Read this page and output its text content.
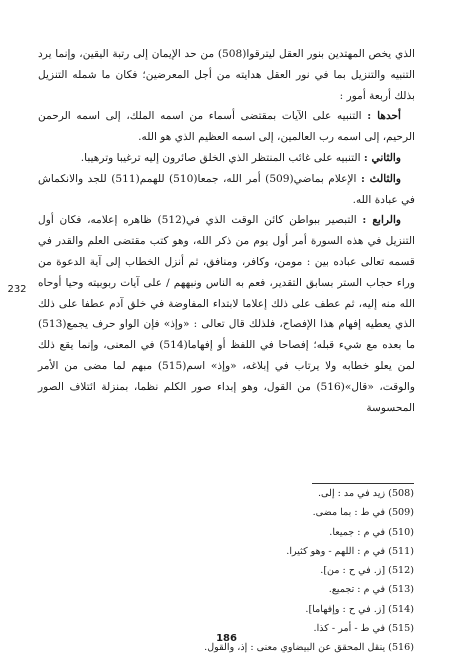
الذي يخص المهتدين بنور العقل ليترقوا(508) من حد الإيمان إلى رتبة اليقين، وإنما يرد التنبيه والتنزيل بما في نور العقل هدايته من أجل المعرضين؛ فكان ما شمله التنزيل بذلك أربعة أمور :

أحدها : التنبيه على الآيات بمقتضى أسماء من اسمه الملك، إلى اسمه الرحمن الرحيم، إلى اسمه رب العالمين، إلى اسمه العظيم الذي هو الله.

والثاني : التنبيه على غائب المنتظر الذي الخلق صائرون إليه ترغيبا وترهيبا.

والثالث : الإعلام بماضي(509) أمر الله، جمعا(510) للهمم(511) للجد والانكماش في عبادة الله.

والرابع : التبصير ببواطن كائن الوقت الذي في(512) ظاهره إعلامه، فكان أول التنزيل في هذه السورة أمر أول يوم من ذكر الله، وهو كتب مقتضى العلم والقدر في قسمه تعالى عباده بين : مومن، وكافر، ومنافق، ثم أنزل الخطاب إلى آية الدعوة من وراء حجاب الستر بسابق التقدير، فعم به الناس ونبههم / على آيات ربوبيته وحيا أوحاه الله منه إليه، ثم عطف على ذلك إعلاما لابتداء المفاوضة في خلق آدم عطفا على ذلك الذي يعطيه إفهام هذا الإفصاح، فلذلك قال تعالى : «وإذ» فإن الواو حرف يجمع(513) ما بعده مع شيء قبله؛ إفصاحا في اللفظ أو إفهاما(514) في المعنى، وإنما يقع ذلك لمن يعلو خطابه ولا يرتاب في إبلاغه، «وإذ» اسم(515) مبهم لما مضى من الأمر والوقت، «قال»(516) من القول، وهو إبداء صور الكلم نظما، بمنزلة ائتلاف الصور المحسوسة

232
(508) زيد في مد : إلى.
(509) في ط : بما مضى.
(510) في م : جميعا.
(511) في م : اللهم - وهو كثيرا.
(512) [ز. في ح : من].
(513) في م : تجميع.
(514) [ز. في ح : وإفهاما].
(515) في ط - أمر - كذا.
(516) ينقل المحقق عن البيضاوي معنى : إذ، والقول.
186
